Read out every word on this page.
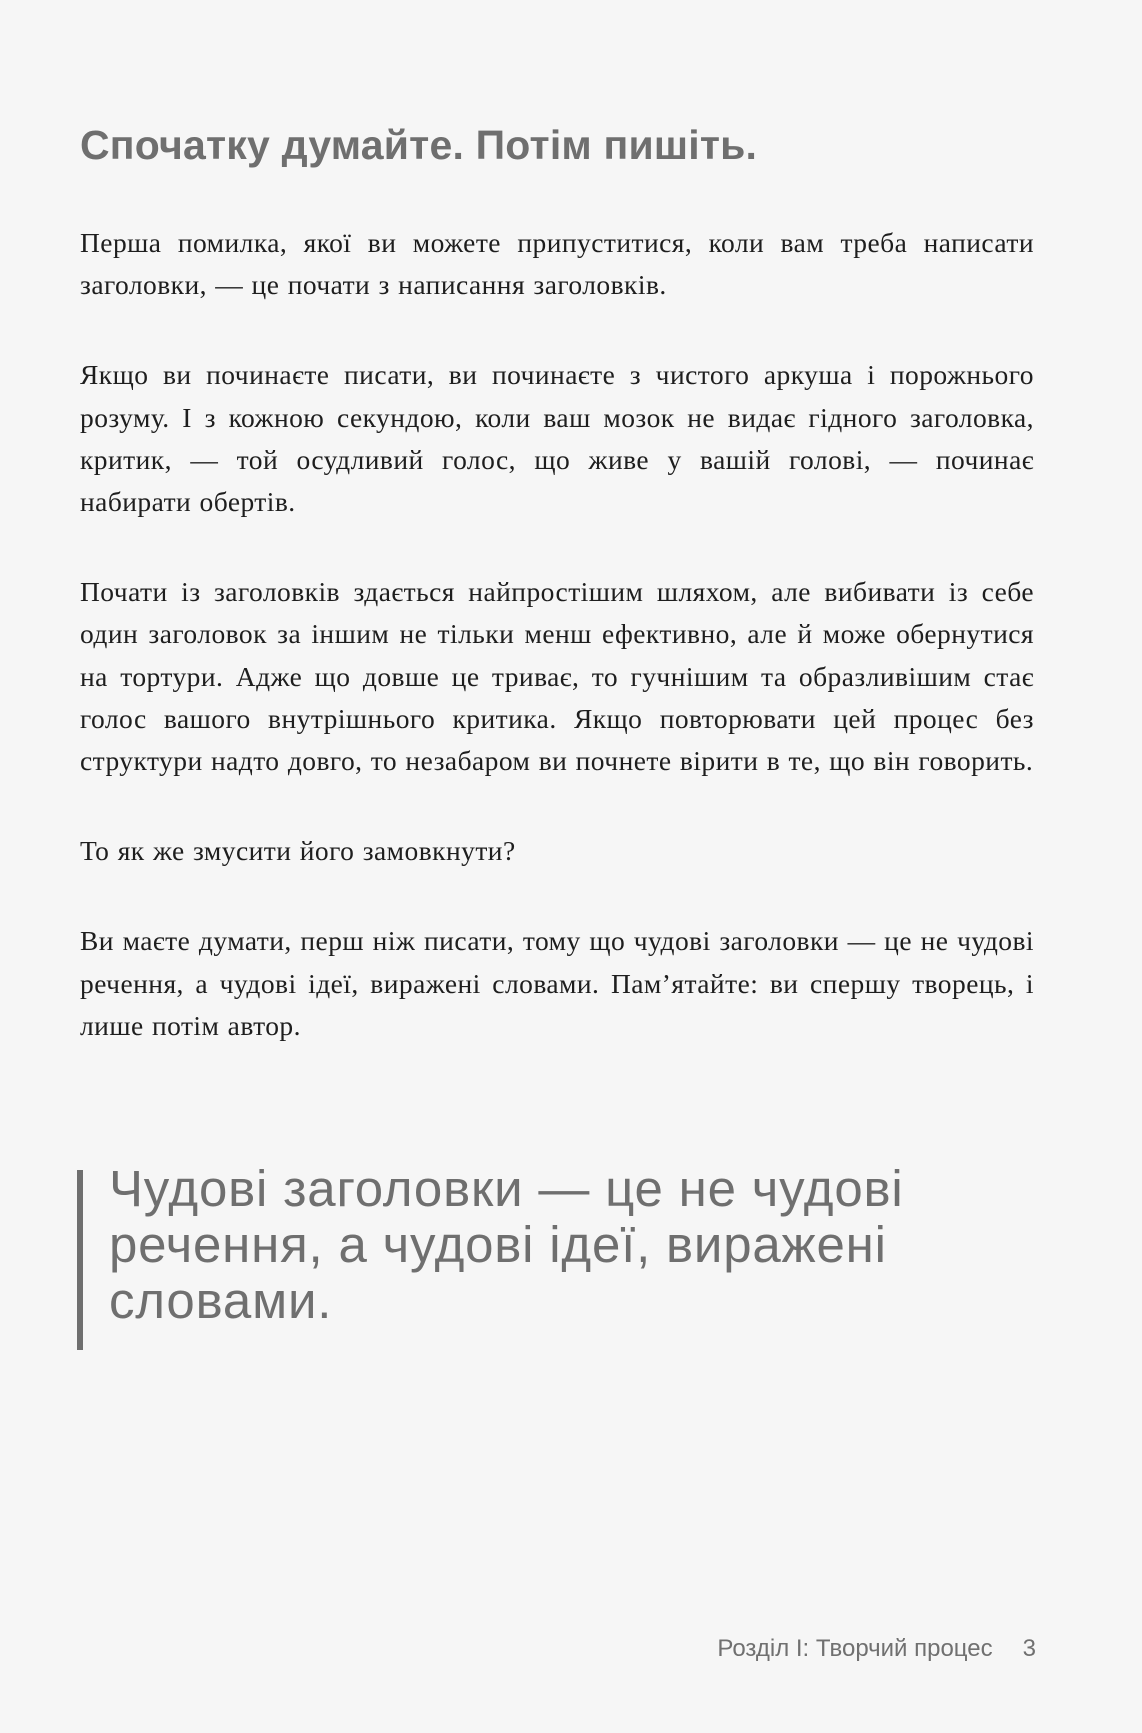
Спочатку думайте. Потім пишіть.

Перша помилка, якої ви можете припуститися, коли вам треба написати заголовки, — це почати з написання заголовків.

Якщо ви починаєте писати, ви починаєте з чистого аркуша і порожнього розуму. І з кожною секундою, коли ваш мозок не видає гідного заголовка, критик, — той осудливий голос, що живе у вашій голові, — починає набирати обертів.

Почати із заголовків здається найпростішим шляхом, але вибивати із себе один заголовок за іншим не тільки менш ефективно, але й може обернутися на тортури. Адже що довше це триває, то гучнішим та образливішим стає голос вашого внутрішнього критика. Якщо повторювати цей процес без структури надто довго, то незабаром ви почнете вірити в те, що він говорить.

То як же змусити його замовкнути?

Ви маєте думати, перш ніж писати, тому що чудові заголовки — це не чудові речення, а чудові ідеї, виражені словами. Пам’ятайте: ви спершу творець, і лише потім автор.

Чудові заголовки — це не чудові речення, а чудові ідеї, виражені словами.

Розділ І: Творчий процес 3
